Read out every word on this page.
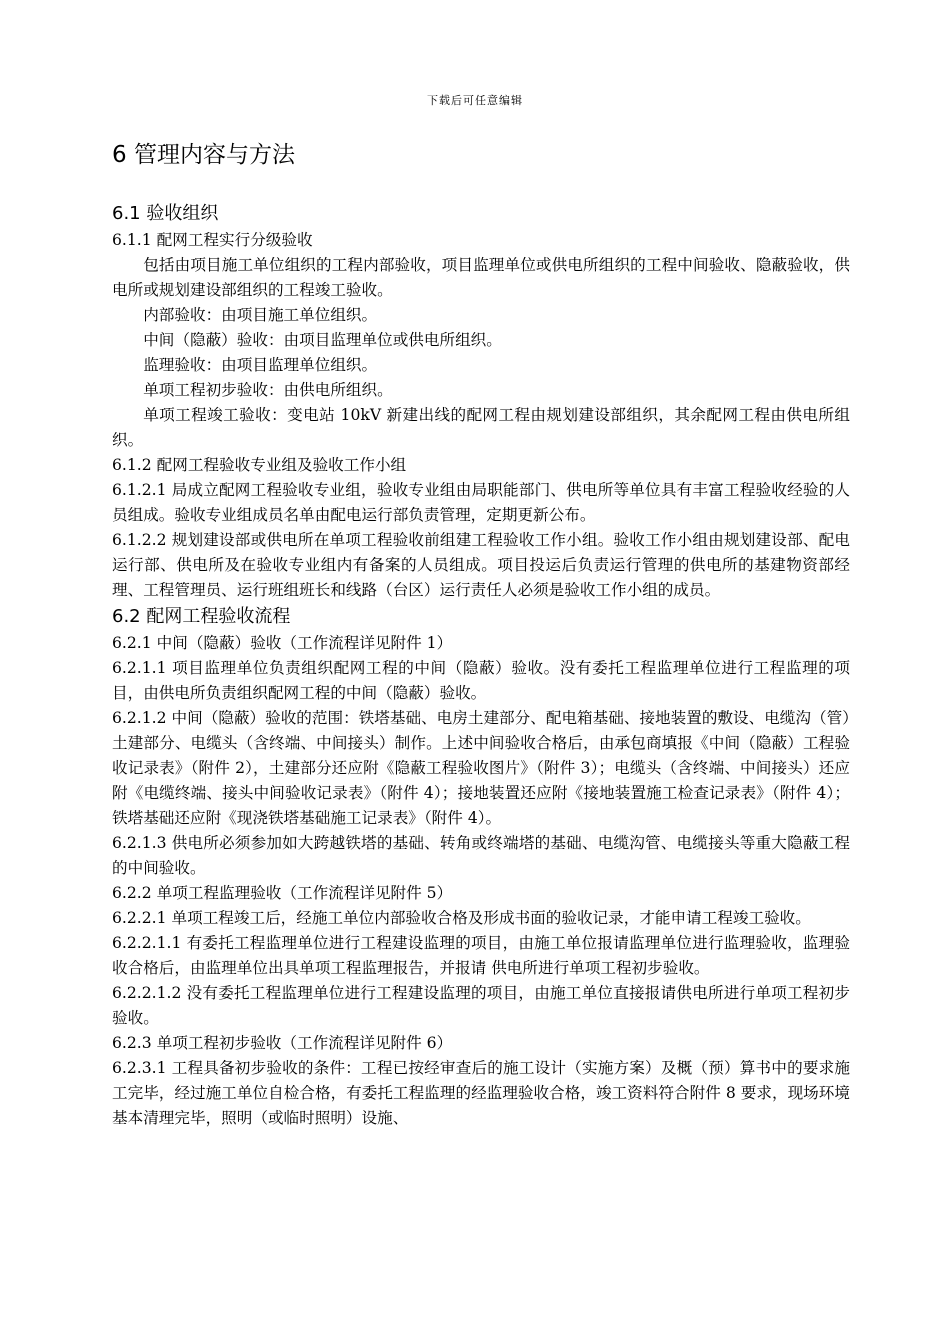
下载后可任意编辑
6 管理内容与方法

6.1 验收组织

6.1.1 配网工程实行分级验收

包括由项目施工单位组织的工程内部验收，项目监理单位或供电所组织的工程中间验收、隐蔽验收，供电所或规划建设部组织的工程竣工验收。

内部验收：由项目施工单位组织。

中间（隐蔽）验收：由项目监理单位或供电所组织。

监理验收：由项目监理单位组织。

单项工程初步验收：由供电所组织。

单项工程竣工验收：变电站 10kV 新建出线的配网工程由规划建设部组织，其余配网工程由供电所组织。

6.1.2 配网工程验收专业组及验收工作小组

6.1.2.1 局成立配网工程验收专业组，验收专业组由局职能部门、供电所等单位具有丰富工程验收经验的人员组成。验收专业组成员名单由配电运行部负责管理，定期更新公布。

6.1.2.2 规划建设部或供电所在单项工程验收前组建工程验收工作小组。验收工作小组由规划建设部、配电运行部、供电所及在验收专业组内有备案的人员组成。项目投运后负责运行管理的供电所的基建物资部经理、工程管理员、运行班组班长和线路（台区）运行责任人必须是验收工作小组的成员。

6.2 配网工程验收流程

6.2.1 中间（隐蔽）验收（工作流程详见附件 1）

6.2.1.1 项目监理单位负责组织配网工程的中间（隐蔽）验收。没有委托工程监理单位进行工程监理的项目，由供电所负责组织配网工程的中间（隐蔽）验收。

6.2.1.2 中间（隐蔽）验收的范围：铁塔基础、电房土建部分、配电箱基础、接地装置的敷设、电缆沟（管）土建部分、电缆头（含终端、中间接头）制作。上述中间验收合格后，由承包商填报《中间（隐蔽）工程验收记录表》（附件 2），土建部分还应附《隐蔽工程验收图片》（附件 3）；电缆头（含终端、中间接头）还应附《电缆终端、接头中间验收记录表》（附件 4）；接地装置还应附《接地装置施工检查记录表》（附件 4）；铁塔基础还应附《现浇铁塔基础施工记录表》（附件 4）。

6.2.1.3 供电所必须参加如大跨越铁塔的基础、转角或终端塔的基础、电缆沟管、电缆接头等重大隐蔽工程的中间验收。

6.2.2 单项工程监理验收（工作流程详见附件 5）

6.2.2.1 单项工程竣工后，经施工单位内部验收合格及形成书面的验收记录，才能申请工程竣工验收。

6.2.2.1.1 有委托工程监理单位进行工程建设监理的项目，由施工单位报请监理单位进行监理验收，监理验收合格后，由监理单位出具单项工程监理报告，并报请 供电所进行单项工程初步验收。

6.2.2.1.2 没有委托工程监理单位进行工程建设监理的项目，由施工单位直接报请供电所进行单项工程初步验收。

6.2.3 单项工程初步验收（工作流程详见附件 6）

6.2.3.1 工程具备初步验收的条件：工程已按经审查后的施工设计（实施方案）及概（预）算书中的要求施工完毕，经过施工单位自检合格，有委托工程监理的经监理验收合格，竣工资料符合附件 8 要求，现场环境基本清理完毕，照明（或临时照明）设施、
